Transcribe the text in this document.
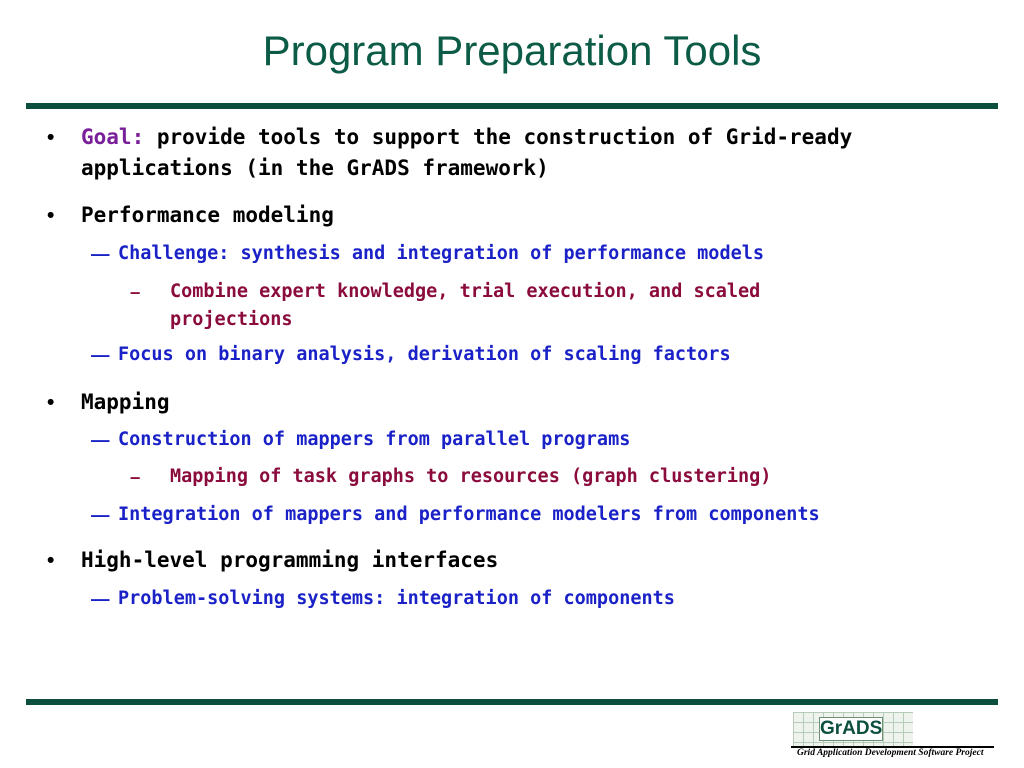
Program Preparation Tools
• Goal: provide tools to support the construction of Grid-ready applications (in the GrADS framework)
• Performance modeling
— Challenge: synthesis and integration of performance models
– Combine expert knowledge, trial execution, and scaled projections
— Focus on binary analysis, derivation of scaling factors
• Mapping
— Construction of mappers from parallel programs
– Mapping of task graphs to resources (graph clustering)
— Integration of mappers and performance modelers from components
• High-level programming interfaces
— Problem-solving systems: integration of components
GrADS
Grid Application Development Software Project
